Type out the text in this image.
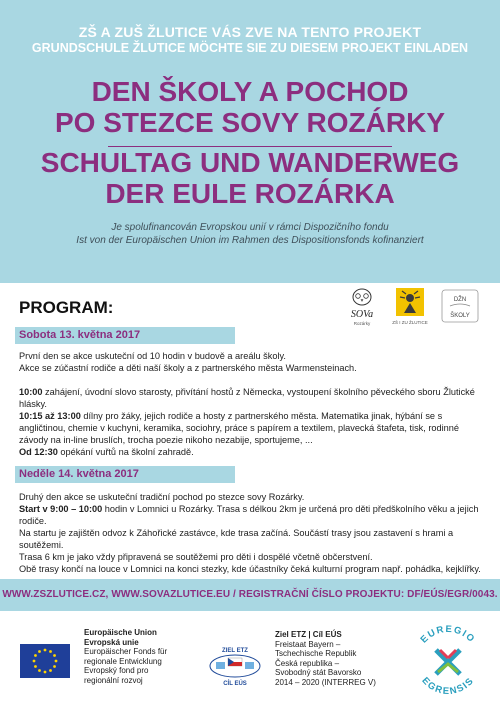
ZŠ A ZUŠ ŽLUTICE VÁS ZVE NA TENTO PROJEKT
GRUNDSCHULE ŽLUTICE MÖCHTE SIE ZU DIESEM PROJEKT EINLADEN
DEN ŠKOLY A POCHOD
PO STEZCE SOVY ROZÁRKY
SCHULTAG UND WANDERWEG
DER EULE ROZÁRKA
Je spolufinancován Evropskou unií v rámci Dispozičního fondu
Ist von der Europäischen Union im Rahmen des Dispositionsfonds kofinanziert
PROGRAM:	SOVa
Rozárky	ZŠ I ZU ŽLUTICE
DŽN
ŠKOLY
Sobota 13. května 2017

První den se akce uskuteční od 10 hodin v budově a areálu školy.

Akce se zúčastní rodiče a děti naší školy a z partnerského města Warmensteinach.

10:00 zahájení, úvodní slovo starosty, přivítání hostů z Německa, vystoupení školního pěveckého sboru Žlutické hlásky.

10:15 až 13:00 dílny pro žáky, jejich rodiče a hosty z partnerského města. Matematika jinak, hýbání se s angličtinou, chemie v kuchyni, keramika, sociohry, práce s papírem a textilem, plavecká štafeta, tisk, rodinné závody na in-line bruslích, trocha poezie nikoho nezabije, sportujeme, ...

Od 12:30 opékání vuřtů na školní zahradě.

Neděle 14. května 2017

Druhý den akce se uskuteční tradiční pochod po stezce sovy Rozárky.

Start v 9:00 – 10:00 hodin v Lomnici u Rozárky. Trasa s délkou 2km je určená pro děti předškolního věku a jejich rodiče.

Na startu je zajištěn odvoz k Záhořické zastávce, kde trasa začíná. Součástí trasy jsou zastavení s hrami a soutěžemi.

Trasa 6 km je jako vždy připravená se soutěžemi pro děti i dospělé včetně občerstvení.

Obě trasy končí na louce v Lomnici na konci stezky, kde účastníky čeká kulturní program např. pohádka, kejklířky.

WWW.ZSZLUTICE.CZ, WWW.SOVAZLUTICE.EU / REGISTRAČNÍ ČÍSLO PROJEKTU: DF/EÚS/EGR/0043.
Europäische Union
Evropská unie
Europäischer Fonds für
regionale Entwicklung
Evropský fond pro
regionální rozvoj
ZIEL ETZ
CÍL EÚS
Ziel ETZ | Cíl EÚS
Freistaat Bayern –
Tschechische Republik
Česká republika –
Svobodný stát Bavorsko
2014 – 2020 (INTERREG V)
EUREGIO
EGRENSIS
